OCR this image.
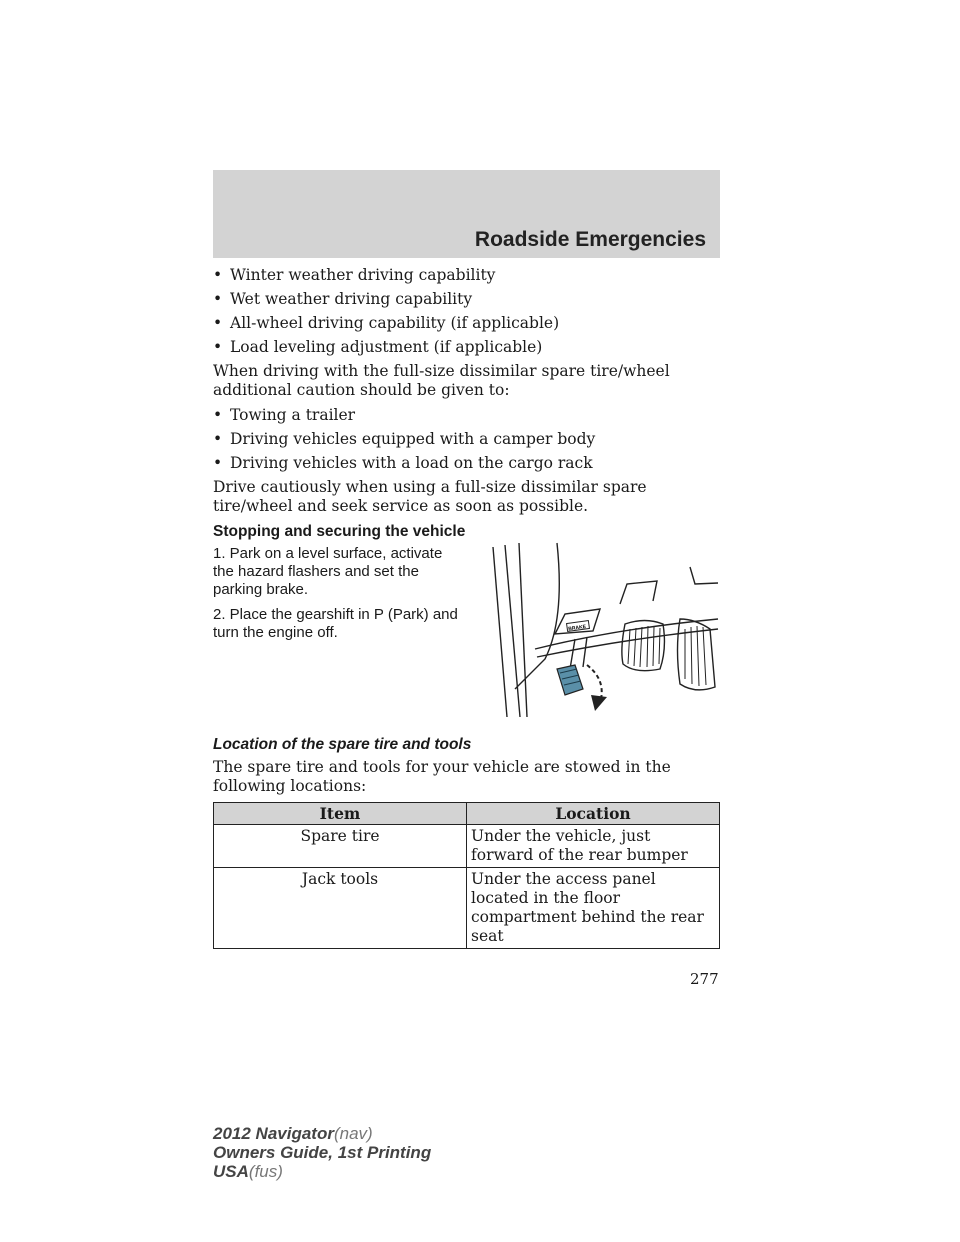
Roadside Emergencies
• Winter weather driving capability
• Wet weather driving capability
• All-wheel driving capability (if applicable)
• Load leveling adjustment (if applicable)

When driving with the full-size dissimilar spare tire/wheel additional caution should be given to:

• Towing a trailer
• Driving vehicles equipped with a camper body
• Driving vehicles with a load on the cargo rack

Drive cautiously when using a full-size dissimilar spare tire/wheel and seek service as soon as possible.

Stopping and securing the vehicle

1. Park on a level surface, activate the hazard flashers and set the parking brake.

2. Place the gearshift in P (Park) and turn the engine off.	BRAKE
Location of the spare tire and tools

The spare tire and tools for your vehicle are stowed in the following locations:

Item	Location
Spare tire	Under the vehicle, just forward of the rear bumper
Jack tools	Under the access panel located in the floor compartment behind the rear seat
277
2012 Navigator(nav)
Owners Guide, 1st Printing
USA(fus)
